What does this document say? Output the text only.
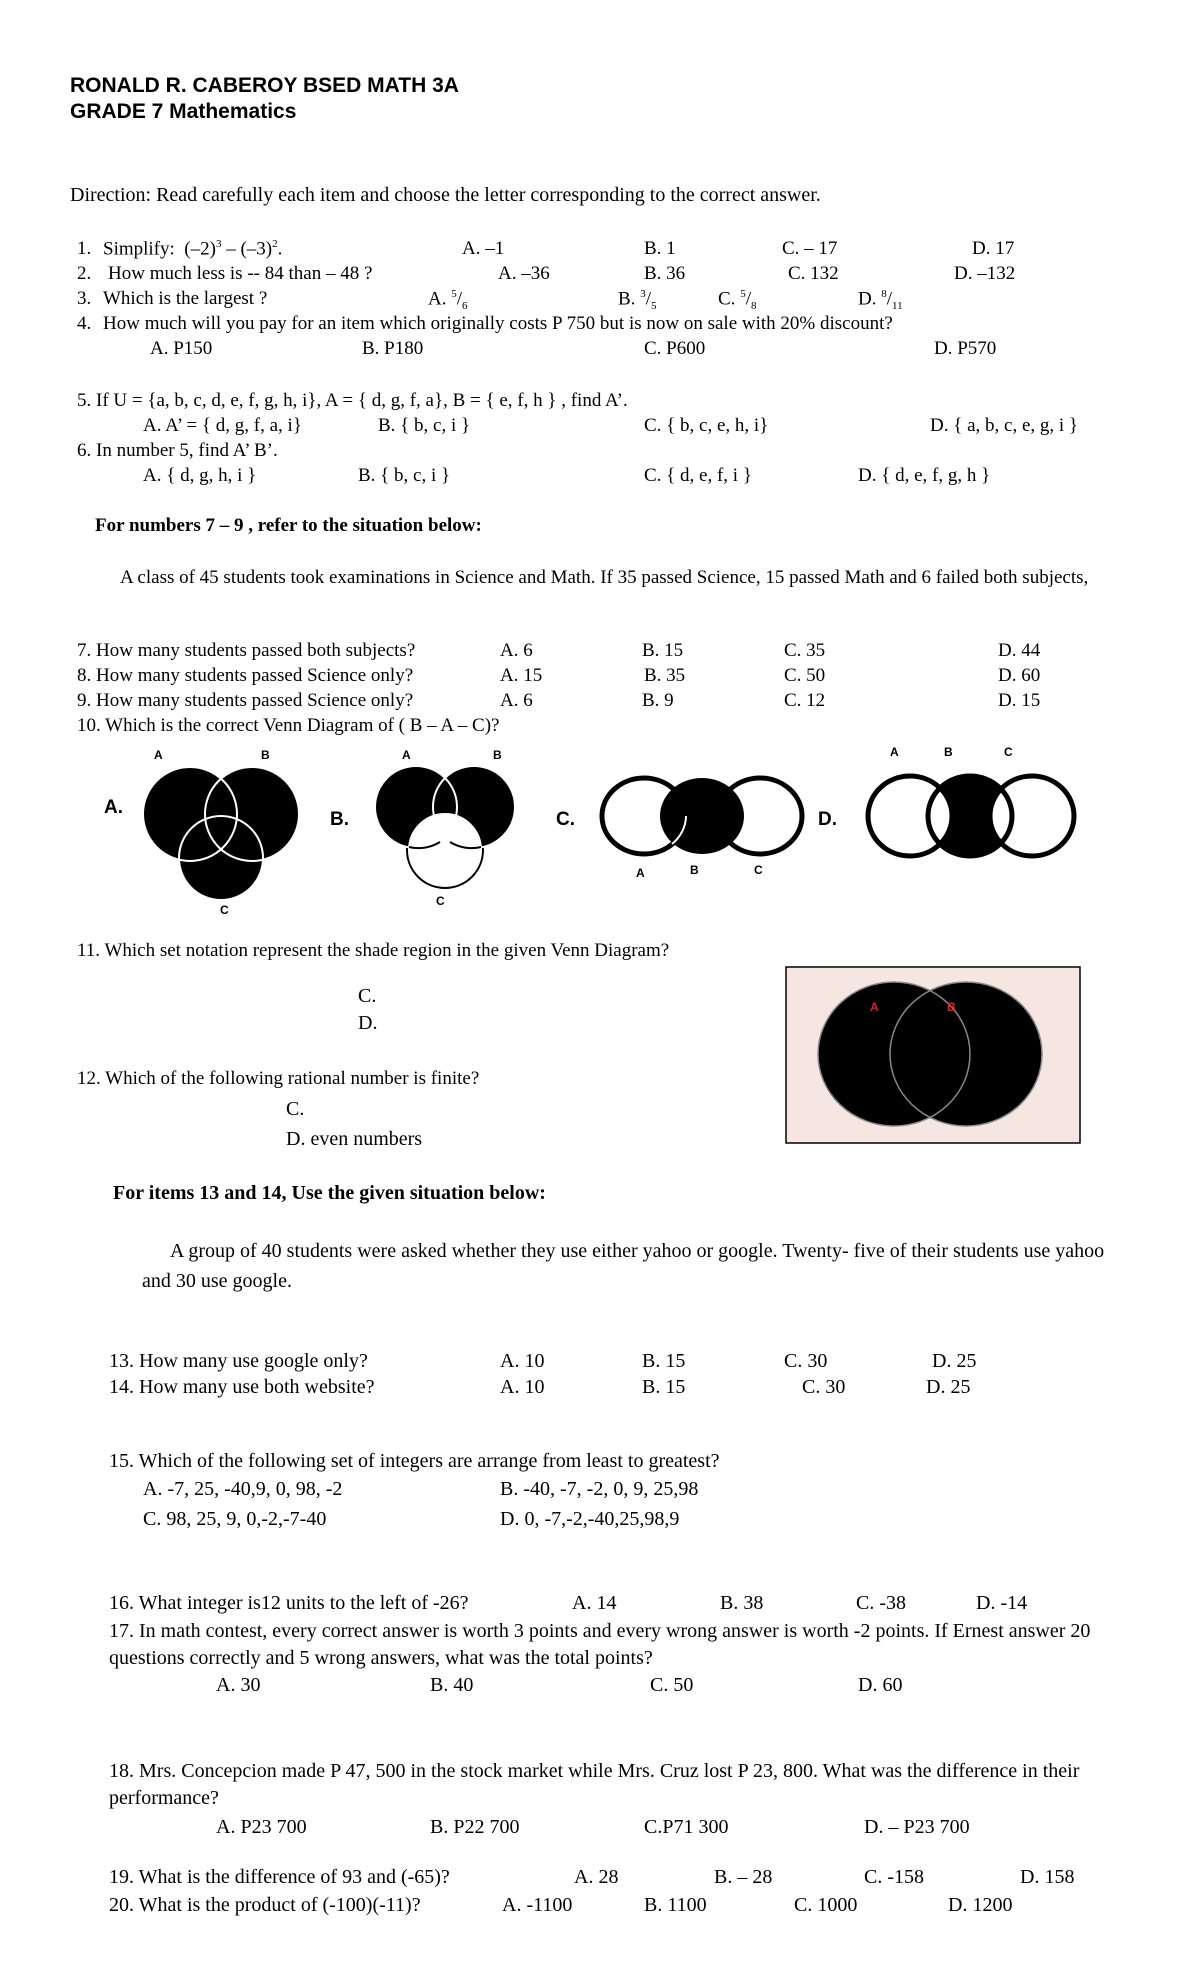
RONALD R. CABEROY BSED MATH 3A
GRADE 7 Mathematics
Direction: Read carefully each item and choose the letter corresponding to the correct answer.
1. Simplify: $(-2)^3 - (-3)^2$.	A. –1	B. 1	C. – 17	D. 17
2. How much less is -- 84 than – 48 ?	A. –36	B. 36	C. 132	D. –132
3. Which is the largest ?	A. $^5/_6$	B. $^3/_5$	C. $^5/_8$	D. $^8/_{11}$
4. How much will you pay for an item which originally costs P 750 but is now on sale with 20% discount?
A. P150	B. P180	C. P600	D. P570
5. If U = {a, b, c, d, e, f, g, h, i}, A = { d, g, f, a}, B = { e, f, h } , find A’.
A. A’ = { d, g, f, a, i}	B. { b, c, i }	C. { b, c, e, h, i}	D. { a, b, c, e, g, i }
6. In number 5, find A’ B’.
A. { d, g, h, i }	B. { b, c, i }	C. { d, e, f, i }	D. { d, e, f, g, h }
For numbers 7 – 9 , refer to the situation below:
A class of 45 students took examinations in Science and Math. If 35 passed Science, 15 passed Math and 6 failed both subjects,
7. How many students passed both subjects?	A. 6	B. 15	C. 35	D. 44
8. How many students passed Science only?	A. 15	B. 35	C. 50	D. 60
9. How many students passed Science only?	A. 6	B. 9	C. 12	D. 15
10. Which is the correct Venn Diagram of ( B – A – C)?
A.
A	B
C
B.
A	B
C
C.
A	B	C
D.
A	B	C
11. Which set notation represent the shade region in the given Venn Diagram?
C.
D.
A	B
12. Which of the following rational number is finite?
C.
D. even numbers
For items 13 and 14, Use the given situation below:
A group of 40 students were asked whether they use either yahoo or google. Twenty- five of their students use yahoo and 30 use google.
13. How many use google only?	A. 10	B. 15	C. 30	D. 25
14. How many use both website?	A. 10	B. 15	C. 30	D. 25
15. Which of the following set of integers are arrange from least to greatest?
A. -7, 25, -40,9, 0, 98, -2	B. -40, -7, -2, 0, 9, 25,98
C. 98, 25, 9, 0,-2,-7-40	D. 0, -7,-2,-40,25,98,9
16. What integer is12 units to the left of -26?	A. 14	B. 38	C. -38	D. -14
17. In math contest, every correct answer is worth 3 points and every wrong answer is worth -2 points. If Ernest answer 20 questions correctly and 5 wrong answers, what was the total points?
A. 30	B. 40	C. 50	D. 60
18. Mrs. Concepcion made P 47, 500 in the stock market while Mrs. Cruz lost P 23, 800. What was the difference in their performance?
A. P23 700	B. P22 700	C.P71 300	D. – P23 700
19. What is the difference of 93 and (-65)?	A. 28	B. – 28	C. -158	D. 158
20. What is the product of (-100)(-11)?	A. -1100	B. 1100	C. 1000	D. 1200
